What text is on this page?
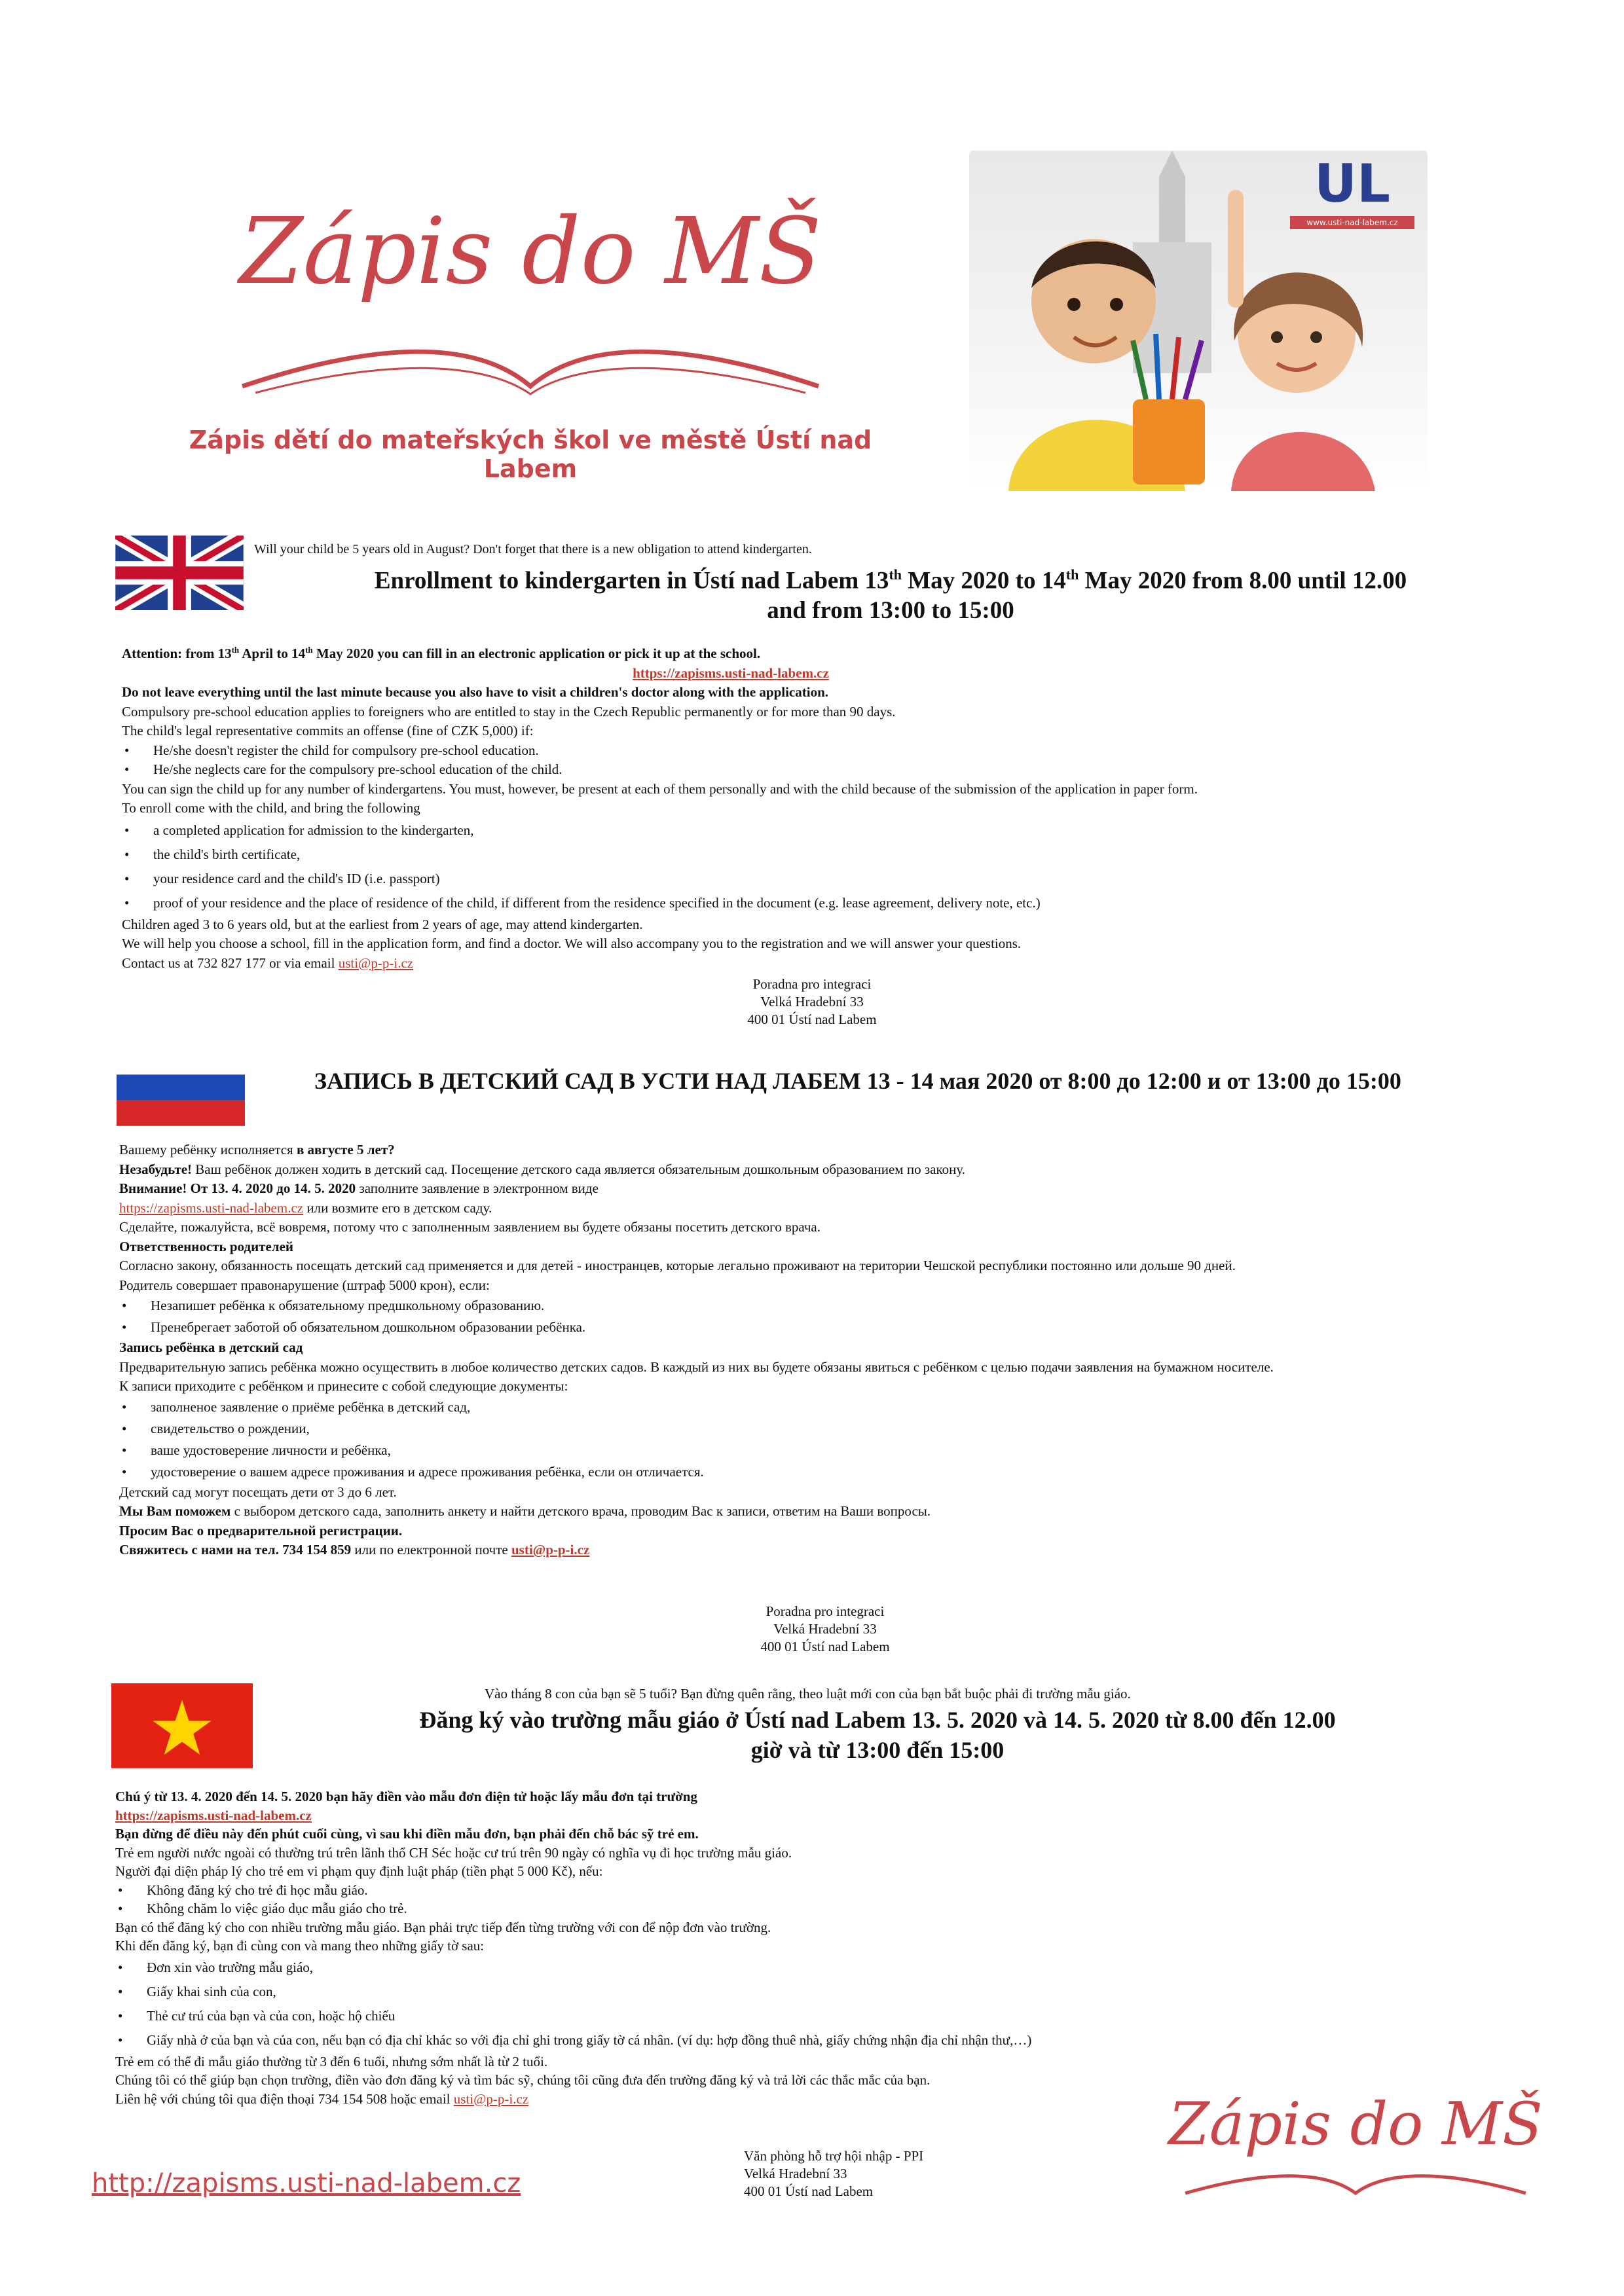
Zápis do MŠ
Zápis dětí do mateřských škol ve městě Ústí nad Labem
UL
www.usti-nad-labem.cz
Will your child be 5 years old in August? Don't forget that there is a new obligation to attend kindergarten.
Enrollment to kindergarten in Ústí nad Labem 13th May 2020 to 14th May 2020 from 8.00 until 12.00
and from 13:00 to 15:00

Attention: from 13th April to 14th May 2020 you can fill in an electronic application or pick it up at the school.

https://zapisms.usti-nad-labem.cz

Do not leave everything until the last minute because you also have to visit a children's doctor along with the application.

Compulsory pre-school education applies to foreigners who are entitled to stay in the Czech Republic permanently or for more than 90 days.

The child's legal representative commits an offense (fine of CZK 5,000) if:

• He/she doesn't register the child for compulsory pre-school education.
• He/she neglects care for the compulsory pre-school education of the child.

You can sign the child up for any number of kindergartens. You must, however, be present at each of them personally and with the child because of the submission of the application in paper form.

To enroll come with the child, and bring the following

• a completed application for admission to the kindergarten,
• the child's birth certificate,
• your residence card and the child's ID (i.e. passport)
• proof of your residence and the place of residence of the child, if different from the residence specified in the document (e.g. lease agreement, delivery note, etc.)

Children aged 3 to 6 years old, but at the earliest from 2 years of age, may attend kindergarten.

We will help you choose a school, fill in the application form, and find a doctor. We will also accompany you to the registration and we will answer your questions.

Contact us at 732 827 177 or via email usti@p-p-i.cz

Poradna pro integraci
Velká Hradební 33
400 01 Ústí nad Labem
ЗАПИСЬ В ДЕТСКИЙ САД В УСТИ НАД ЛАБЕМ 13 - 14 мая 2020 от 8:00 до 12:00 и от 13:00 до 15:00

Вашему ребёнку исполняется в августе 5 лет?

Незабудьте! Ваш ребёнок должен ходить в детский сад. Посещение детского сада является обязательным дошкольным образованием по закону.

Внимание! От 13. 4. 2020 до 14. 5. 2020 заполните заявление в электронном виде

https://zapisms.usti-nad-labem.cz или возмите его в детском саду.

Сделайте, пожалуйста, всё вовремя, потому что с заполненным заявлением вы будете обязаны посетить детского врача.

Ответственность родителей

Согласно закону, обязанность посещать детский сад применяется и для детей - иностранцев, которые легально проживают на територии Чешской республики постоянно или дольше 90 дней.

Родитель совершает правонарушение (штраф 5000 крон), если:

• Незапишет ребёнка к обязательному предшкольному образованию.
• Пренебрегает заботой об обязательном дошкольном образовании ребёнка.

Запись ребёнка в детский сад

Предварительную запись ребёнка можно осуществить в любое количество детских садов. В каждый из них вы будете обязаны явиться с ребёнком с целью подачи заявления на бумажном носителе.

К записи приходите с ребёнком и принесите с собой следующие документы:

• заполненое заявление о приёме ребёнка в детский сад,
• свидетельство о рождении,
• ваше удостоверение личности и ребёнка,
• удостоверение о вашем адресе проживания и адресе проживания ребёнка, если он отличается.

Детский сад могут посещать дети от 3 до 6 лет.

Мы Вам поможем с выбором детского сада, заполнить анкету и найти детского врача, проводим Вас к записи, ответим на Ваши вопросы.

Просим Вас о предварительной регистрации.

Свяжитесь с нами на тел. 734 154 859 или по електронной почте usti@p-p-i.cz

Poradna pro integraci
Velká Hradební 33
400 01 Ústí nad Labem
Vào tháng 8 con của bạn sẽ 5 tuổi? Bạn đừng quên rằng, theo luật mới con của bạn bắt buộc phải đi trường mẫu giáo.
Đăng ký vào trường mẫu giáo ở Ústí nad Labem 13. 5. 2020 và 14. 5. 2020 từ 8.00 đến 12.00
giờ và từ 13:00 đến 15:00

Chú ý từ 13. 4. 2020 đến 14. 5. 2020 bạn hãy điền vào mẫu đơn điện tử hoặc lấy mẫu đơn tại trường

https://zapisms.usti-nad-labem.cz

Bạn đừng để điều này đến phút cuối cùng, vì sau khi điền mẫu đơn, bạn phải đến chỗ bác sỹ trẻ em.

Trẻ em người nước ngoài có thường trú trên lãnh thổ CH Séc hoặc cư trú trên 90 ngày có nghĩa vụ đi học trường mẫu giáo.

Người đại diện pháp lý cho trẻ em vi phạm quy định luật pháp (tiền phạt 5 000 Kč), nếu:

• Không đăng ký cho trẻ đi học mẫu giáo.
• Không chăm lo việc giáo dục mẫu giáo cho trẻ.

Bạn có thể đăng ký cho con nhiều trường mẫu giáo. Bạn phải trực tiếp đến từng trường với con để nộp đơn vào trường.

Khi đến đăng ký, bạn đi cùng con và mang theo những giấy tờ sau:

• Đơn xin vào trường mẫu giáo,
• Giấy khai sinh của con,
• Thẻ cư trú của bạn và của con, hoặc hộ chiếu
• Giấy nhà ở của bạn và của con, nếu bạn có địa chỉ khác so với địa chỉ ghi trong giấy tờ cá nhân. (ví dụ: hợp đồng thuê nhà, giấy chứng nhận địa chỉ nhận thư,…)

Trẻ em có thể đi mẫu giáo thường từ 3 đến 6 tuổi, nhưng sớm nhất là từ 2 tuổi.

Chúng tôi có thể giúp bạn chọn trường, điền vào đơn đăng ký và tìm bác sỹ, chúng tôi cũng đưa đến trường đăng ký và trả lời các thắc mắc của bạn.

Liên hệ với chúng tôi qua điện thoại 734 154 508 hoặc email usti@p-p-i.cz

Văn phòng hỗ trợ hội nhập - PPI
Velká Hradební 33
400 01 Ústí nad Labem
http://zapisms.usti-nad-labem.cz
Zápis do MŠ
